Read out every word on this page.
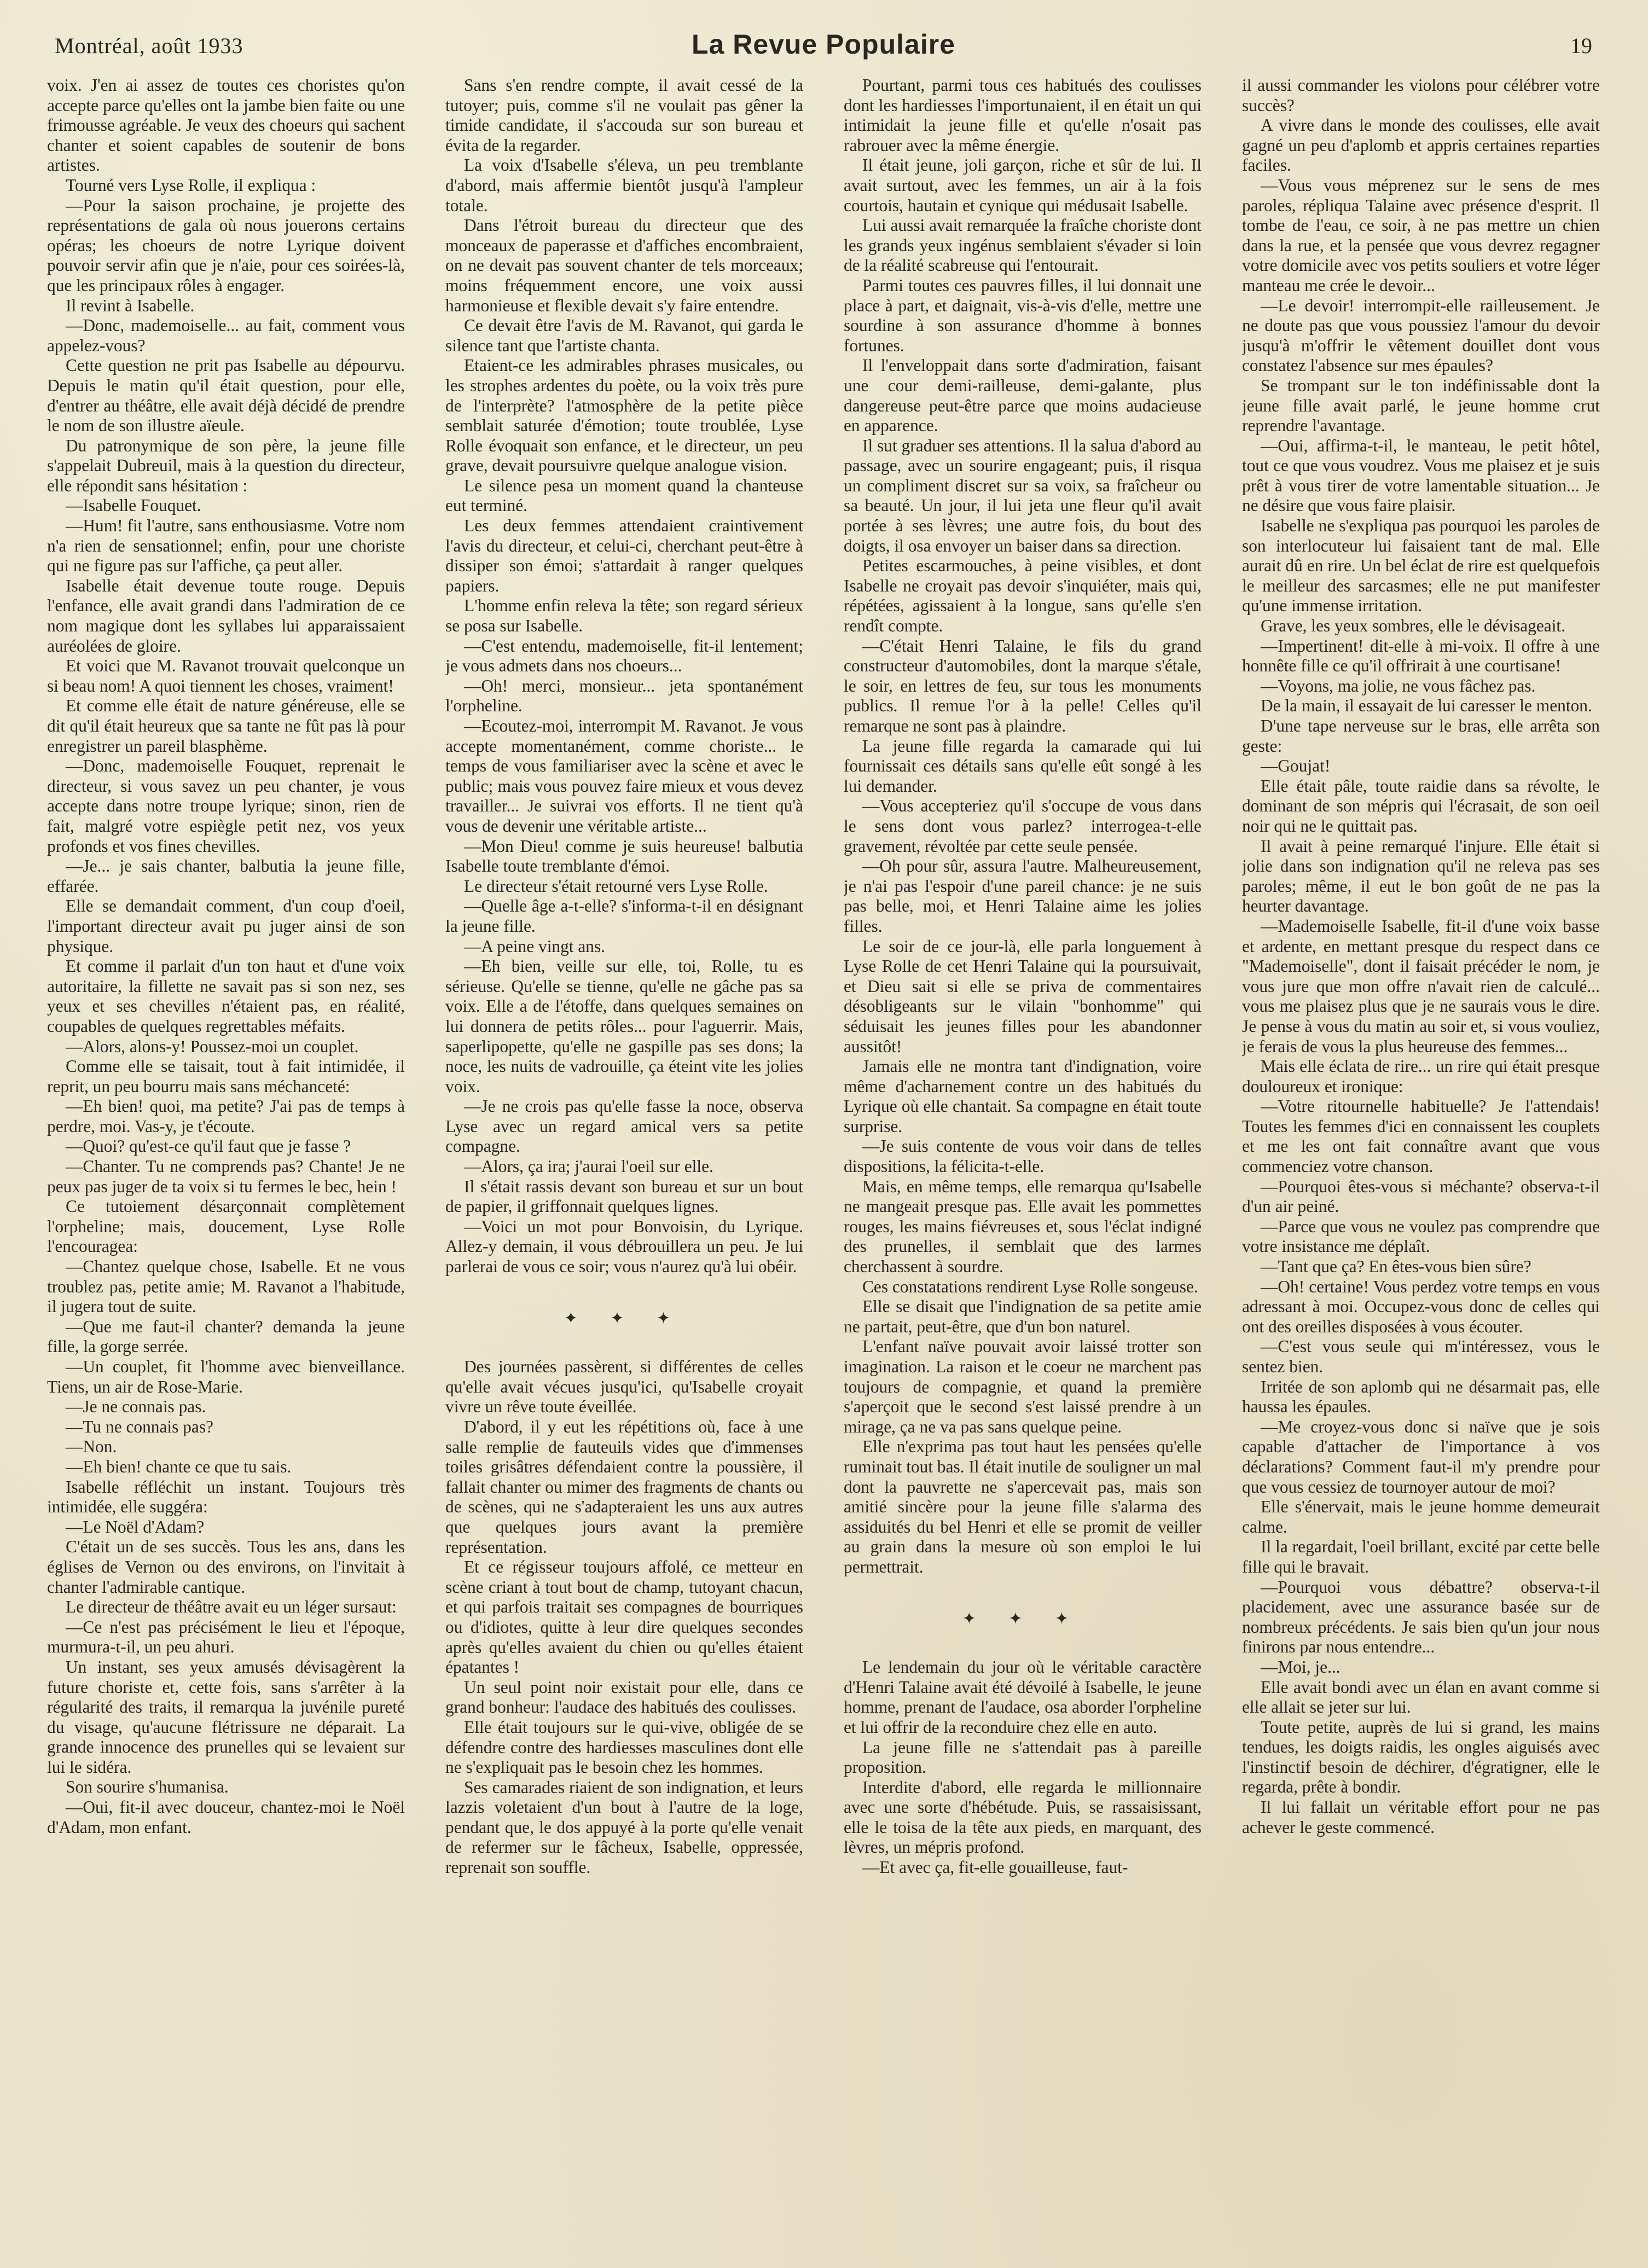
Montréal, août 1933	La Revue Populaire	19

voix. J'en ai assez de toutes ces choristes qu'on accepte parce qu'elles ont la jambe bien faite ou une frimousse agréable. Je veux des choeurs qui sachent chanter et soient capables de soutenir de bons artistes.

Tourné vers Lyse Rolle, il expliqua :

—Pour la saison prochaine, je projette des représentations de gala où nous jouerons certains opéras; les choeurs de notre Lyrique doivent pouvoir servir afin que je n'aie, pour ces soirées-là, que les principaux rôles à engager.

Il revint à Isabelle.

—Donc, mademoiselle... au fait, comment vous appelez-vous?

Cette question ne prit pas Isabelle au dépourvu. Depuis le matin qu'il était question, pour elle, d'entrer au théâtre, elle avait déjà décidé de prendre le nom de son illustre aïeule.

Du patronymique de son père, la jeune fille s'appelait Dubreuil, mais à la question du directeur, elle répondit sans hésitation :

—Isabelle Fouquet.

—Hum! fit l'autre, sans enthousiasme. Votre nom n'a rien de sensationnel; enfin, pour une choriste qui ne figure pas sur l'affiche, ça peut aller.

Isabelle était devenue toute rouge. Depuis l'enfance, elle avait grandi dans l'admiration de ce nom magique dont les syllabes lui apparaissaient auréolées de gloire.

Et voici que M. Ravanot trouvait quelconque un si beau nom! A quoi tiennent les choses, vraiment!

Et comme elle était de nature généreuse, elle se dit qu'il était heureux que sa tante ne fût pas là pour enregistrer un pareil blasphème.

—Donc, mademoiselle Fouquet, reprenait le directeur, si vous savez un peu chanter, je vous accepte dans notre troupe lyrique; sinon, rien de fait, malgré votre espiègle petit nez, vos yeux profonds et vos fines chevilles.

—Je... je sais chanter, balbutia la jeune fille, effarée.

Elle se demandait comment, d'un coup d'oeil, l'important directeur avait pu juger ainsi de son physique.

Et comme il parlait d'un ton haut et d'une voix autoritaire, la fillette ne savait pas si son nez, ses yeux et ses chevilles n'étaient pas, en réalité, coupables de quelques regrettables méfaits.

—Alors, alons-y! Poussez-moi un couplet.

Comme elle se taisait, tout à fait intimidée, il reprit, un peu bourru mais sans méchanceté:

—Eh bien! quoi, ma petite? J'ai pas de temps à perdre, moi. Vas-y, je t'écoute.

—Quoi? qu'est-ce qu'il faut que je fasse ?

—Chanter. Tu ne comprends pas? Chante! Je ne peux pas juger de ta voix si tu fermes le bec, hein !

Ce tutoiement désarçonnait complètement l'orpheline; mais, doucement, Lyse Rolle l'encouragea:

—Chantez quelque chose, Isabelle. Et ne vous troublez pas, petite amie; M. Ravanot a l'habitude, il jugera tout de suite.

—Que me faut-il chanter? demanda la jeune fille, la gorge serrée.

—Un couplet, fit l'homme avec bienveillance. Tiens, un air de Rose-Marie.

—Je ne connais pas.

—Tu ne connais pas?

—Non.

—Eh bien! chante ce que tu sais.

Isabelle réfléchit un instant. Toujours très intimidée, elle suggéra:

—Le Noël d'Adam?

C'était un de ses succès. Tous les ans, dans les églises de Vernon ou des environs, on l'invitait à chanter l'admirable cantique.

Le directeur de théâtre avait eu un léger sursaut:

—Ce n'est pas précisément le lieu et l'époque, murmura-t-il, un peu ahuri.

Un instant, ses yeux amusés dévisagèrent la future choriste et, cette fois, sans s'arrêter à la régularité des traits, il remarqua la juvénile pureté du visage, qu'aucune flétrissure ne déparait. La grande innocence des prunelles qui se levaient sur lui le sidéra.

Son sourire s'humanisa.

—Oui, fit-il avec douceur, chantez-moi le Noël d'Adam, mon enfant.

Sans s'en rendre compte, il avait cessé de la tutoyer; puis, comme s'il ne voulait pas gêner la timide candidate, il s'accouda sur son bureau et évita de la regarder.

La voix d'Isabelle s'éleva, un peu tremblante d'abord, mais affermie bientôt jusqu'à l'ampleur totale.

Dans l'étroit bureau du directeur que des monceaux de paperasse et d'affiches encombraient, on ne devait pas souvent chanter de tels morceaux; moins fréquemment encore, une voix aussi harmonieuse et flexible devait s'y faire entendre.

Ce devait être l'avis de M. Ravanot, qui garda le silence tant que l'artiste chanta.

Etaient-ce les admirables phrases musicales, ou les strophes ardentes du poète, ou la voix très pure de l'interprète? l'atmosphère de la petite pièce semblait saturée d'émotion; toute troublée, Lyse Rolle évoquait son enfance, et le directeur, un peu grave, devait poursuivre quelque analogue vision.

Le silence pesa un moment quand la chanteuse eut terminé.

Les deux femmes attendaient craintivement l'avis du directeur, et celui-ci, cherchant peut-être à dissiper son émoi; s'attardait à ranger quelques papiers.

L'homme enfin releva la tête; son regard sérieux se posa sur Isabelle.

—C'est entendu, mademoiselle, fit-il lentement; je vous admets dans nos choeurs...

—Oh! merci, monsieur... jeta spontanément l'orpheline.

—Ecoutez-moi, interrompit M. Ravanot. Je vous accepte momentanément, comme choriste... le temps de vous familiariser avec la scène et avec le public; mais vous pouvez faire mieux et vous devez travailler... Je suivrai vos efforts. Il ne tient qu'à vous de devenir une véritable artiste...

—Mon Dieu! comme je suis heureuse! balbutia Isabelle toute tremblante d'émoi.

Le directeur s'était retourné vers Lyse Rolle.

—Quelle âge a-t-elle? s'informa-t-il en désignant la jeune fille.

—A peine vingt ans.

—Eh bien, veille sur elle, toi, Rolle, tu es sérieuse. Qu'elle se tienne, qu'elle ne gâche pas sa voix. Elle a de l'étoffe, dans quelques semaines on lui donnera de petits rôles... pour l'aguerrir. Mais, saperlipopette, qu'elle ne gaspille pas ses dons; la noce, les nuits de vadrouille, ça éteint vite les jolies voix.

—Je ne crois pas qu'elle fasse la noce, observa Lyse avec un regard amical vers sa petite compagne.

—Alors, ça ira; j'aurai l'oeil sur elle.

Il s'était rassis devant son bureau et sur un bout de papier, il griffonnait quelques lignes.

—Voici un mot pour Bonvoisin, du Lyrique. Allez-y demain, il vous débrouillera un peu. Je lui parlerai de vous ce soir; vous n'aurez qu'à lui obéir.

✦ ✦ ✦

Des journées passèrent, si différentes de celles qu'elle avait vécues jusqu'ici, qu'Isabelle croyait vivre un rêve toute éveillée.

D'abord, il y eut les répétitions où, face à une salle remplie de fauteuils vides que d'immenses toiles grisâtres défendaient contre la poussière, il fallait chanter ou mimer des fragments de chants ou de scènes, qui ne s'adapteraient les uns aux autres que quelques jours avant la première représentation.

Et ce régisseur toujours affolé, ce metteur en scène criant à tout bout de champ, tutoyant chacun, et qui parfois traitait ses compagnes de bourriques ou d'idiotes, quitte à leur dire quelques secondes après qu'elles avaient du chien ou qu'elles étaient épatantes !

Un seul point noir existait pour elle, dans ce grand bonheur: l'audace des habitués des coulisses.

Elle était toujours sur le qui-vive, obligée de se défendre contre des hardiesses masculines dont elle ne s'expliquait pas le besoin chez les hommes.

Ses camarades riaient de son indignation, et leurs lazzis voletaient d'un bout à l'autre de la loge, pendant que, le dos appuyé à la porte qu'elle venait de refermer sur le fâcheux, Isabelle, oppressée, reprenait son souffle.

Pourtant, parmi tous ces habitués des coulisses dont les hardiesses l'importunaient, il en était un qui intimidait la jeune fille et qu'elle n'osait pas rabrouer avec la même énergie.

Il était jeune, joli garçon, riche et sûr de lui. Il avait surtout, avec les femmes, un air à la fois courtois, hautain et cynique qui médusait Isabelle.

Lui aussi avait remarquée la fraîche choriste dont les grands yeux ingénus semblaient s'évader si loin de la réalité scabreuse qui l'entourait.

Parmi toutes ces pauvres filles, il lui donnait une place à part, et daignait, vis-à-vis d'elle, mettre une sourdine à son assurance d'homme à bonnes fortunes.

Il l'enveloppait dans sorte d'admiration, faisant une cour demi-railleuse, demi-galante, plus dangereuse peut-être parce que moins audacieuse en apparence.

Il sut graduer ses attentions. Il la salua d'abord au passage, avec un sourire engageant; puis, il risqua un compliment discret sur sa voix, sa fraîcheur ou sa beauté. Un jour, il lui jeta une fleur qu'il avait portée à ses lèvres; une autre fois, du bout des doigts, il osa envoyer un baiser dans sa direction.

Petites escarmouches, à peine visibles, et dont Isabelle ne croyait pas devoir s'inquiéter, mais qui, répétées, agissaient à la longue, sans qu'elle s'en rendît compte.

—C'était Henri Talaine, le fils du grand constructeur d'automobiles, dont la marque s'étale, le soir, en lettres de feu, sur tous les monuments publics. Il remue l'or à la pelle! Celles qu'il remarque ne sont pas à plaindre.

La jeune fille regarda la camarade qui lui fournissait ces détails sans qu'elle eût songé à les lui demander.

—Vous accepteriez qu'il s'occupe de vous dans le sens dont vous parlez? interrogea-t-elle gravement, révoltée par cette seule pensée.

—Oh pour sûr, assura l'autre. Malheureusement, je n'ai pas l'espoir d'une pareil chance: je ne suis pas belle, moi, et Henri Talaine aime les jolies filles.

Le soir de ce jour-là, elle parla longuement à Lyse Rolle de cet Henri Talaine qui la poursuivait, et Dieu sait si elle se priva de commentaires désobligeants sur le vilain "bonhomme" qui séduisait les jeunes filles pour les abandonner aussitôt!

Jamais elle ne montra tant d'indignation, voire même d'acharnement contre un des habitués du Lyrique où elle chantait. Sa compagne en était toute surprise.

—Je suis contente de vous voir dans de telles dispositions, la félicita-t-elle.

Mais, en même temps, elle remarqua qu'Isabelle ne mangeait presque pas. Elle avait les pommettes rouges, les mains fiévreuses et, sous l'éclat indigné des prunelles, il semblait que des larmes cherchassent à sourdre.

Ces constatations rendirent Lyse Rolle songeuse.

Elle se disait que l'indignation de sa petite amie ne partait, peut-être, que d'un bon naturel.

L'enfant naïve pouvait avoir laissé trotter son imagination. La raison et le coeur ne marchent pas toujours de compagnie, et quand la première s'aperçoit que le second s'est laissé prendre à un mirage, ça ne va pas sans quelque peine.

Elle n'exprima pas tout haut les pensées qu'elle ruminait tout bas. Il était inutile de souligner un mal dont la pauvrette ne s'apercevait pas, mais son amitié sincère pour la jeune fille s'alarma des assiduités du bel Henri et elle se promit de veiller au grain dans la mesure où son emploi le lui permettrait.

✦ ✦ ✦

Le lendemain du jour où le véritable caractère d'Henri Talaine avait été dévoilé à Isabelle, le jeune homme, prenant de l'audace, osa aborder l'orpheline et lui offrir de la reconduire chez elle en auto.

La jeune fille ne s'attendait pas à pareille proposition.

Interdite d'abord, elle regarda le millionnaire avec une sorte d'hébétude. Puis, se rassaisissant, elle le toisa de la tête aux pieds, en marquant, des lèvres, un mépris profond.

—Et avec ça, fit-elle gouailleuse, faut-

il aussi commander les violons pour célébrer votre succès?

A vivre dans le monde des coulisses, elle avait gagné un peu d'aplomb et appris certaines reparties faciles.

—Vous vous méprenez sur le sens de mes paroles, répliqua Talaine avec présence d'esprit. Il tombe de l'eau, ce soir, à ne pas mettre un chien dans la rue, et la pensée que vous devrez regagner votre domicile avec vos petits souliers et votre léger manteau me crée le devoir...

—Le devoir! interrompit-elle railleusement. Je ne doute pas que vous poussiez l'amour du devoir jusqu'à m'offrir le vêtement douillet dont vous constatez l'absence sur mes épaules?

Se trompant sur le ton indéfinissable dont la jeune fille avait parlé, le jeune homme crut reprendre l'avantage.

—Oui, affirma-t-il, le manteau, le petit hôtel, tout ce que vous voudrez. Vous me plaisez et je suis prêt à vous tirer de votre lamentable situation... Je ne désire que vous faire plaisir.

Isabelle ne s'expliqua pas pourquoi les paroles de son interlocuteur lui faisaient tant de mal. Elle aurait dû en rire. Un bel éclat de rire est quelquefois le meilleur des sarcasmes; elle ne put manifester qu'une immense irritation.

Grave, les yeux sombres, elle le dévisageait.

—Impertinent! dit-elle à mi-voix. Il offre à une honnête fille ce qu'il offrirait à une courtisane!

—Voyons, ma jolie, ne vous fâchez pas.

De la main, il essayait de lui caresser le menton.

D'une tape nerveuse sur le bras, elle arrêta son geste:

—Goujat!

Elle était pâle, toute raidie dans sa révolte, le dominant de son mépris qui l'écrasait, de son oeil noir qui ne le quittait pas.

Il avait à peine remarqué l'injure. Elle était si jolie dans son indignation qu'il ne releva pas ses paroles; même, il eut le bon goût de ne pas la heurter davantage.

—Mademoiselle Isabelle, fit-il d'une voix basse et ardente, en mettant presque du respect dans ce "Mademoiselle", dont il faisait précéder le nom, je vous jure que mon offre n'avait rien de calculé... vous me plaisez plus que je ne saurais vous le dire. Je pense à vous du matin au soir et, si vous vouliez, je ferais de vous la plus heureuse des femmes...

Mais elle éclata de rire... un rire qui était presque douloureux et ironique:

—Votre ritournelle habituelle? Je l'attendais! Toutes les femmes d'ici en connaissent les couplets et me les ont fait connaître avant que vous commenciez votre chanson.

—Pourquoi êtes-vous si méchante? observa-t-il d'un air peiné.

—Parce que vous ne voulez pas comprendre que votre insistance me déplaît.

—Tant que ça? En êtes-vous bien sûre?

—Oh! certaine! Vous perdez votre temps en vous adressant à moi. Occupez-vous donc de celles qui ont des oreilles disposées à vous écouter.

—C'est vous seule qui m'intéressez, vous le sentez bien.

Irritée de son aplomb qui ne désarmait pas, elle haussa les épaules.

—Me croyez-vous donc si naïve que je sois capable d'attacher de l'importance à vos déclarations? Comment faut-il m'y prendre pour que vous cessiez de tournoyer autour de moi?

Elle s'énervait, mais le jeune homme demeurait calme.

Il la regardait, l'oeil brillant, excité par cette belle fille qui le bravait.

—Pourquoi vous débattre? observa-t-il placidement, avec une assurance basée sur de nombreux précédents. Je sais bien qu'un jour nous finirons par nous entendre...

—Moi, je...

Elle avait bondi avec un élan en avant comme si elle allait se jeter sur lui.

Toute petite, auprès de lui si grand, les mains tendues, les doigts raidis, les ongles aiguisés avec l'instinctif besoin de déchirer, d'égratigner, elle le regarda, prête à bondir.

Il lui fallait un véritable effort pour ne pas achever le geste commencé.
